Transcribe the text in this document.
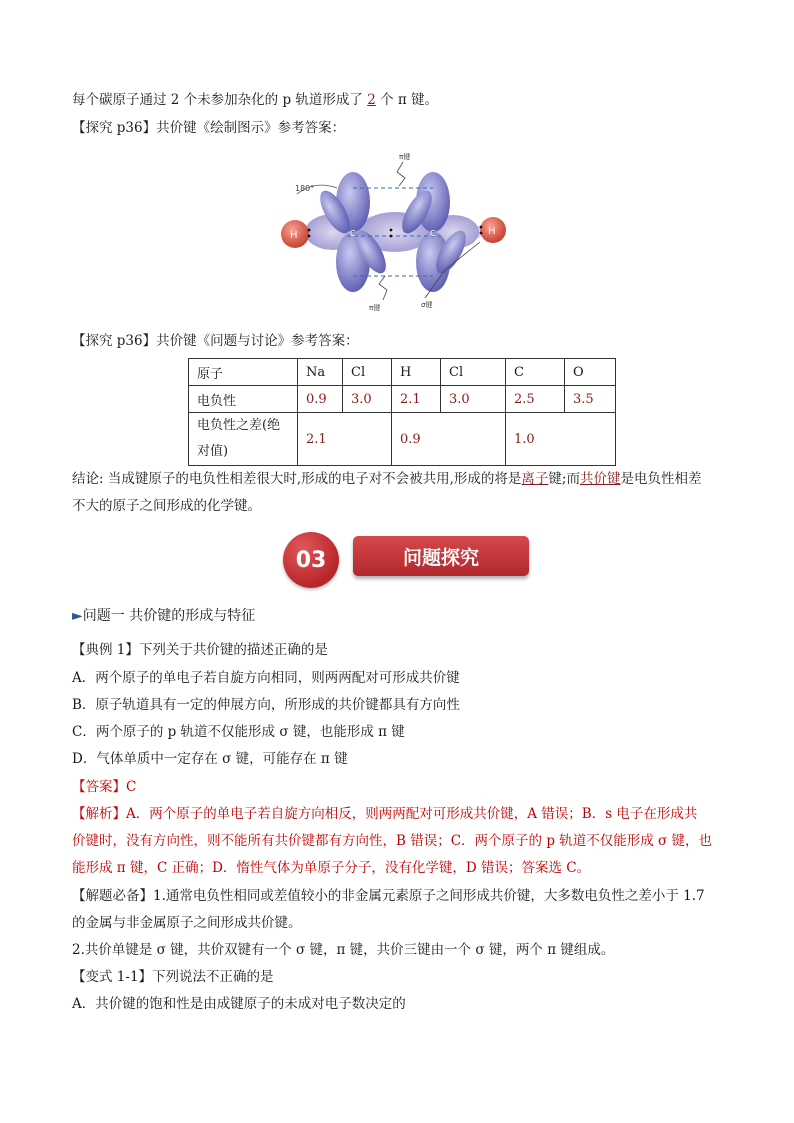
每个碳原子通过 2 个未参加杂化的 p 轨道形成了 2 个 π 键。
【探究 p36】共价键《绘制图示》参考答案：
180°
H	H
C	C
π键
π键	σ键
【探究 p36】共价键《问题与讨论》参考答案：
原子	Na	Cl	H	Cl	C	O
电负性	0.9	3.0	2.1	3.0	2.5	3.5
电负性之差(绝
对值)	2.1		0.9		1.0	
结论: 当成键原子的电负性相差很大时,形成的电子对不会被共用,形成的将是离子键;而共价键是电负性相差
不大的原子之间形成的化学键。
03	问题探究
►问题一 共价键的形成与特征
【典例 1】下列关于共价键的描述正确的是
A．两个原子的单电子若自旋方向相同，则两两配对可形成共价键
B．原子轨道具有一定的伸展方向，所形成的共价键都具有方向性
C．两个原子的 p 轨道不仅能形成 σ 键，也能形成 π 键
D．气体单质中一定存在 σ 键，可能存在 π 键
【答案】C
【解析】A．两个原子的单电子若自旋方向相反，则两两配对可形成共价键，A 错误；B．s 电子在形成共
价键时，没有方向性，则不能所有共价键都有方向性，B 错误；C．两个原子的 p 轨道不仅能形成 σ 键，也
能形成 π 键，C 正确；D．惰性气体为单原子分子，没有化学键，D 错误；答案选 C。
【解题必备】1.通常电负性相同或差值较小的非金属元素原子之间形成共价键，大多数电负性之差小于 1.7
的金属与非金属原子之间形成共价键。
2.共价单键是 σ 键，共价双键有一个 σ 键，π 键，共价三键由一个 σ 键，两个 π 键组成。
【变式 1-1】下列说法不正确的是
A．共价键的饱和性是由成键原子的未成对电子数决定的
